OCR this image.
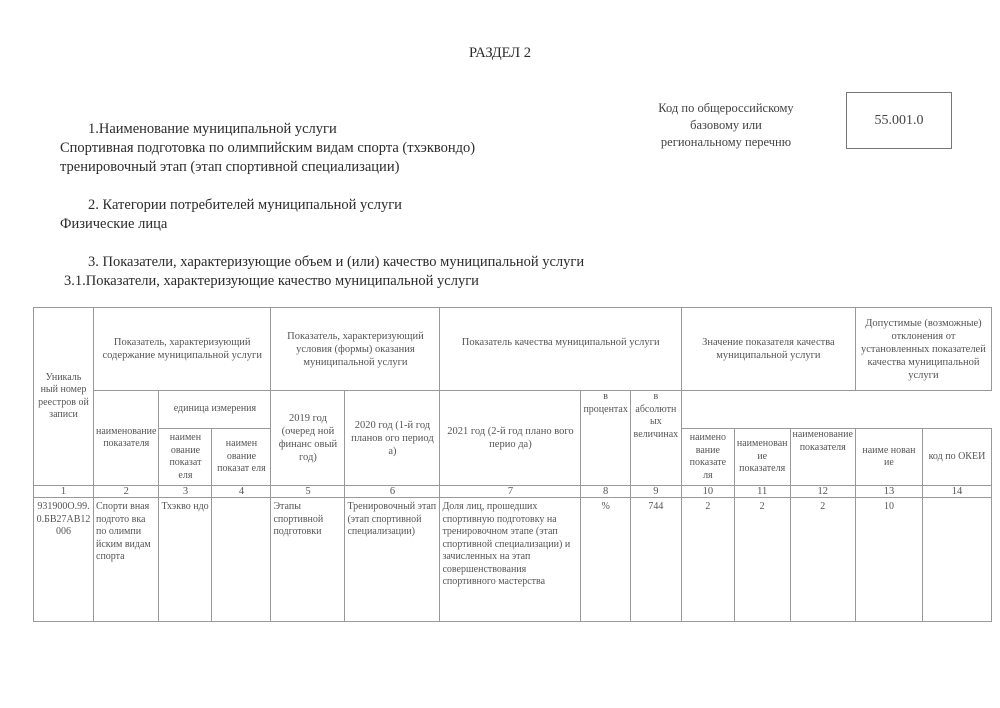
РАЗДЕЛ 2
1.Наименование муниципальной услуги
Спортивная подготовка по олимпийским видам спорта (тхэквондо)
тренировочный этап (этап спортивной специализации)
Код по общероссийскому
базовому или
региональному перечню
55.001.0
2. Категории потребителей муниципальной услуги
Физические лица
3. Показатели, характеризующие объем и (или) качество муниципальной услуги
3.1.Показатели, характеризующие качество муниципальной услуги
Уникаль ный номер реестров ой записи	Показатель, характеризующий содержание муниципальной услуги			Показатель, характеризующий условия (формы) оказания муниципальной услуги		Показатель качества муниципальной услуги			Значение показателя качества муниципальной услуги			Допустимые (возможные) отклонения от установленных показателей качества муниципальной услуги	
	наименование показателя	единица измерения		2019 год (очеред ной финанс овый год)	2020 год (1-й год планов ого период а)	2021 год (2-й год плано вого перио да)	в процентах	в абсолютн ых величинах					
		наимен ование показат еля	наимен ование показат еля						наимено вание показате ля	наименован ие показателя	наименование показателя	наиме нован ие	код по ОКЕИ
1	2	3	4	5	6	7	8	9	10	11	12	13	14
931900О.99.0.БВ27АВ12006	Спорти вная подгото вка по олимпи йским видам спорта	Тхэкво ндо		Этапы спортивной подготовки	Тренировочный этап (этап спортивной специализации)	Доля лиц, прошедших спортивную подготовку на тренировочном этапе (этап спортивной специализации) и зачисленных на этап совершенствования спортивного мастерства	%	744	2	2	2	10	
